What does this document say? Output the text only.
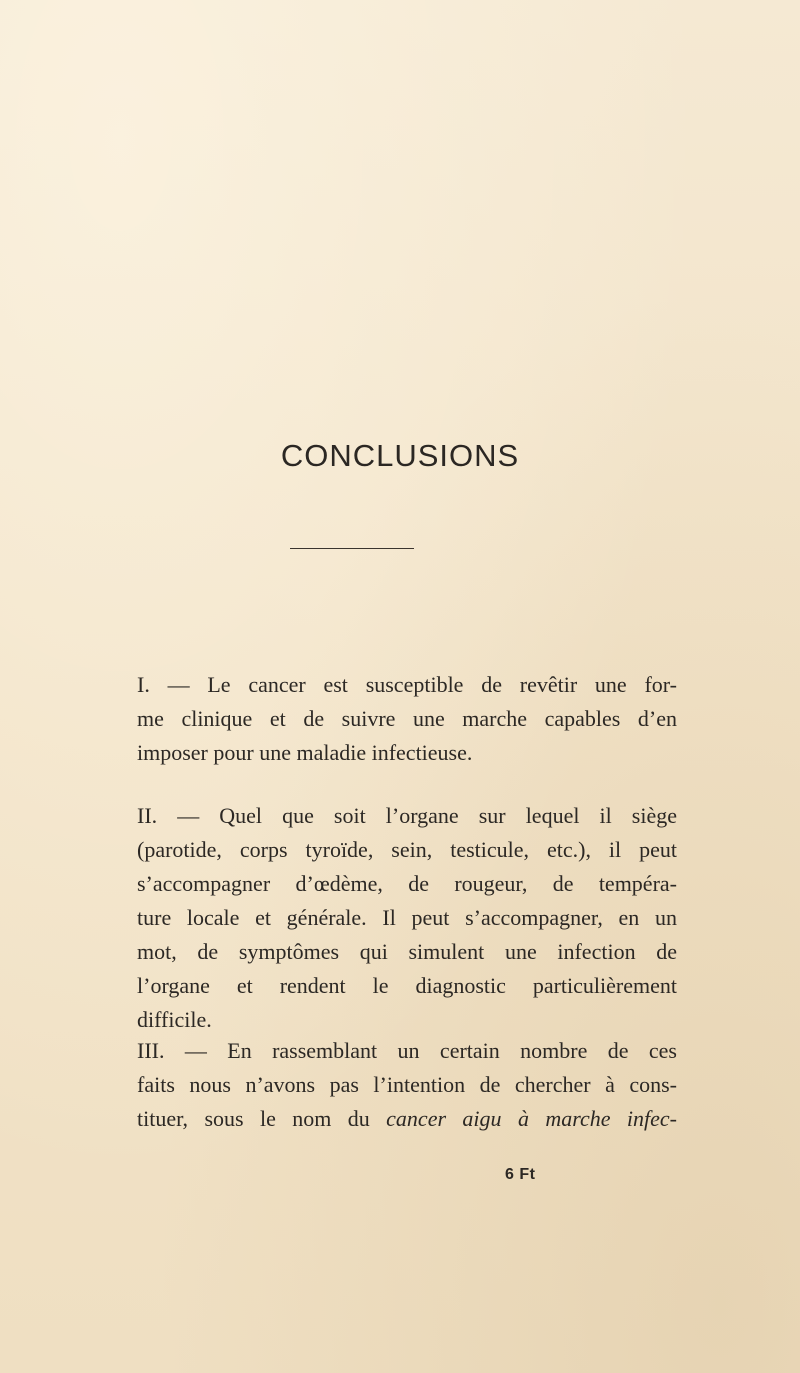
CONCLUSIONS

I. — Le cancer est susceptible de revêtir une for-
me clinique et de suivre une marche capables d’en
imposer pour une maladie infectieuse.

II. — Quel que soit l’organe sur lequel il siège
(parotide, corps tyroïde, sein, testicule, etc.), il peut
s’accompagner d’œdème, de rougeur, de tempéra-
ture locale et générale. Il peut s’accompagner, en un
mot, de symptômes qui simulent une infection de
l’organe et rendent le diagnostic particulièrement
difficile.

III. — En rassemblant un certain nombre de ces
faits nous n’avons pas l’intention de chercher à cons-
tituer, sous le nom du cancer aigu à marche infec-

6 Ft
